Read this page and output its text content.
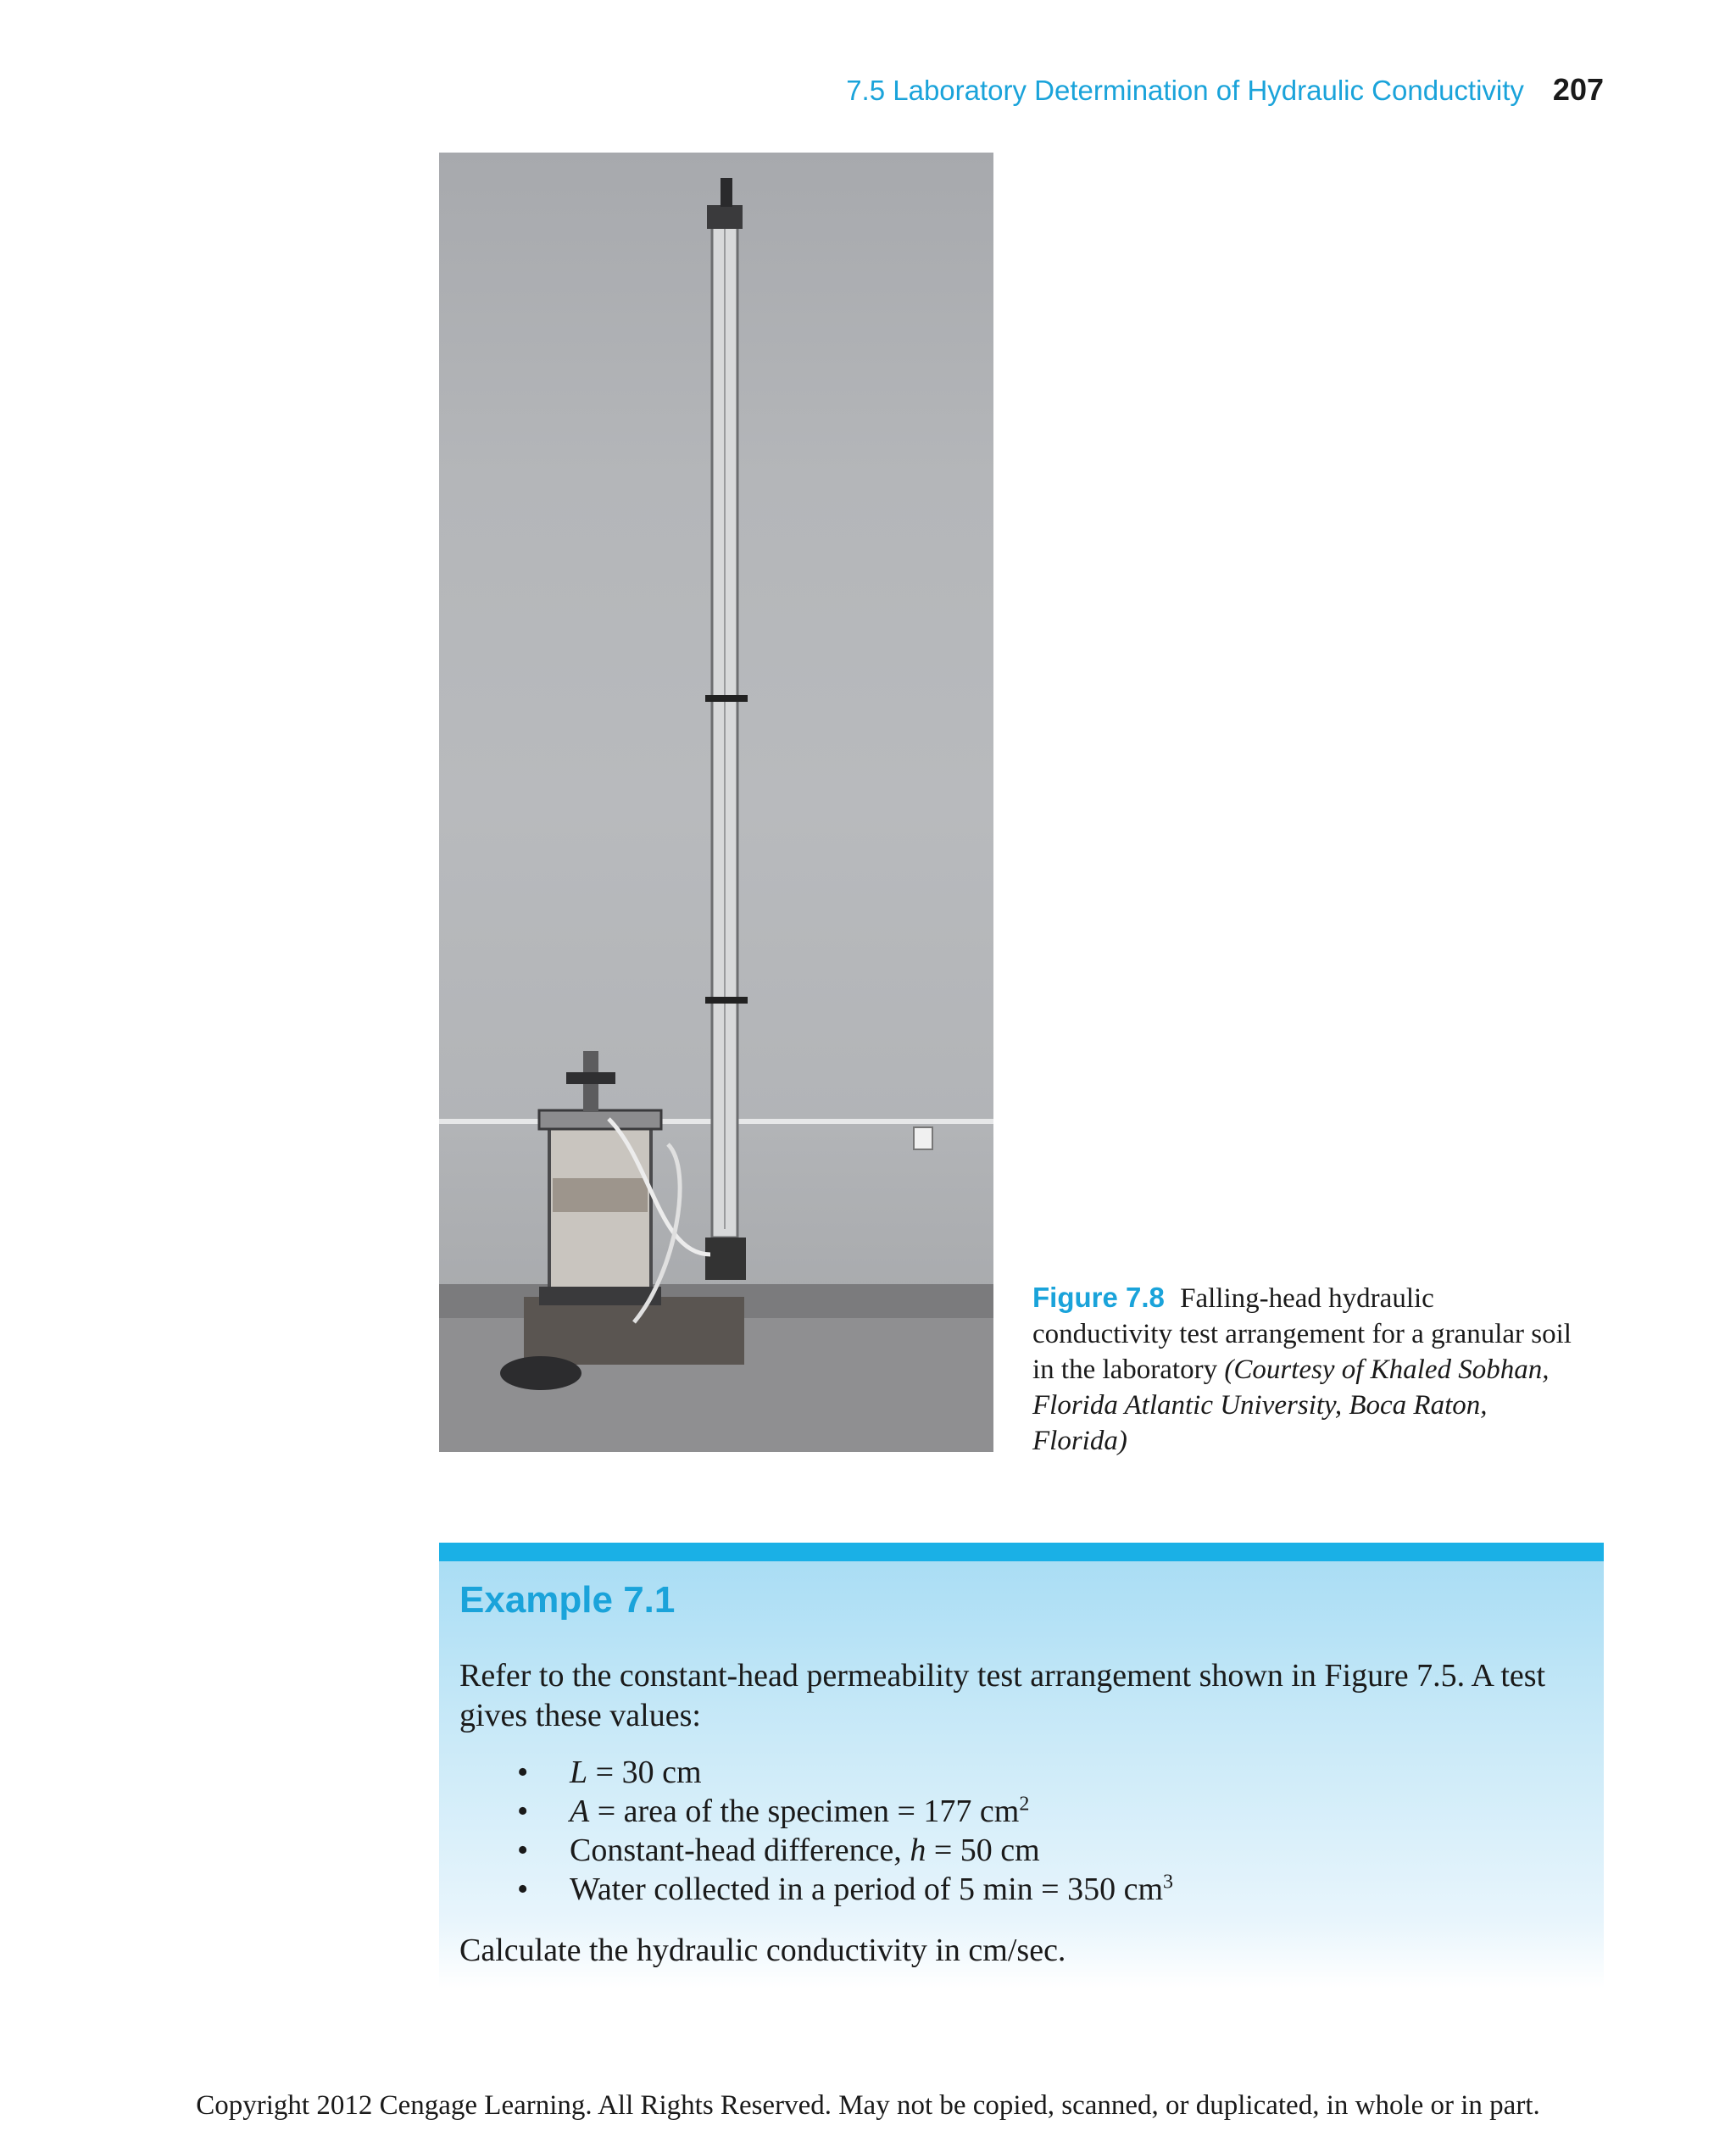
7.5 Laboratory Determination of Hydraulic Conductivity 207
Figure 7.8 Falling-head hydraulic conductivity test arrangement for a granular soil in the laboratory (Courtesy of Khaled Sobhan, Florida Atlantic University, Boca Raton, Florida)
Example 7.1
Refer to the constant-head permeability test arrangement shown in Figure 7.5. A test gives these values:
• L = 30 cm
• A = area of the specimen = 177 $cm^2$
• Constant-head difference, h = 50 cm
• Water collected in a period of 5 min = 350 $cm^3$
Calculate the hydraulic conductivity in cm/sec.
Copyright 2012 Cengage Learning. All Rights Reserved. May not be copied, scanned, or duplicated, in whole or in part.
